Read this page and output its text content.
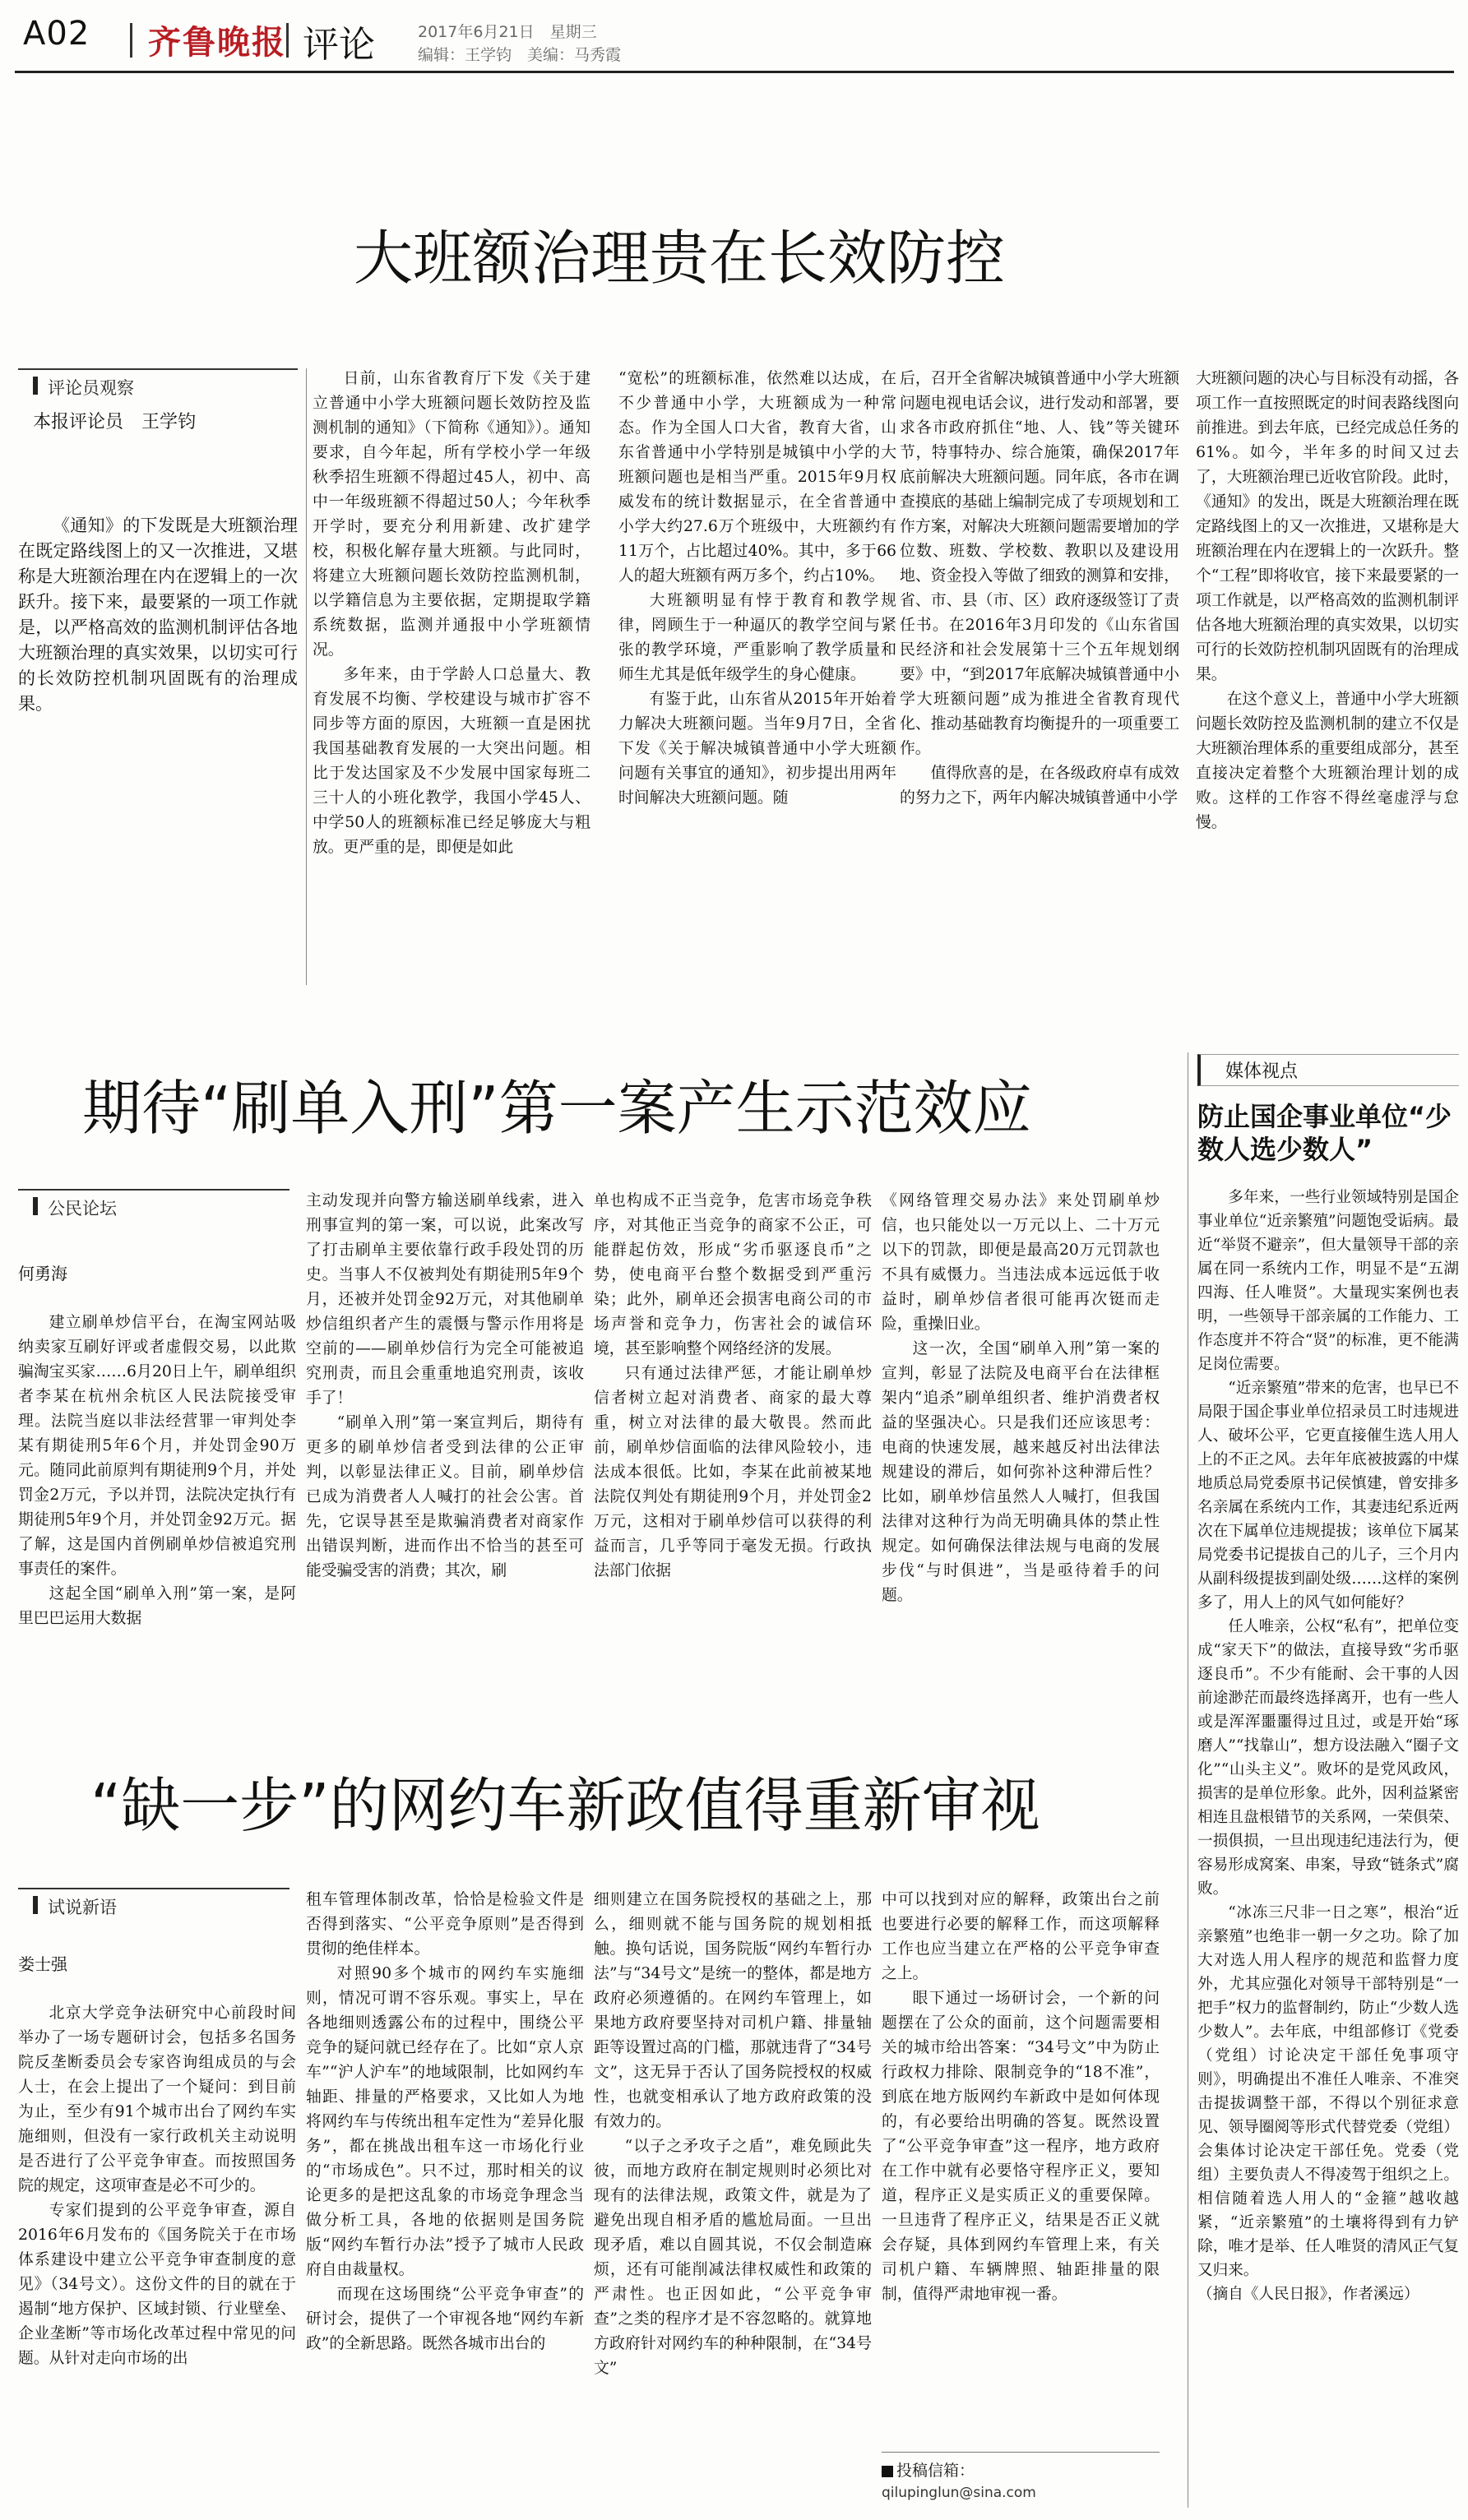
A02 齐鲁晚报 评论	2017年6月21日　星期三
编辑：王学钧　美编：马秀霞
大班额治理贵在长效防控
评论员观察
本报评论员　王学钧

《通知》的下发既是大班额治理在既定路线图上的又一次推进，又堪称是大班额治理在内在逻辑上的一次跃升。接下来，最要紧的一项工作就是，以严格高效的监测机制评估各地大班额治理的真实效果，以切实可行的长效防控机制巩固既有的治理成果。

日前，山东省教育厅下发《关于建立普通中小学大班额问题长效防控及监测机制的通知》（下简称《通知》）。通知要求，自今年起，所有学校小学一年级秋季招生班额不得超过45人，初中、高中一年级班额不得超过50人；今年秋季开学时，要充分利用新建、改扩建学校，积极化解存量大班额。与此同时，将建立大班额问题长效防控监测机制，以学籍信息为主要依据，定期提取学籍系统数据，监测并通报中小学班额情况。

多年来，由于学龄人口总量大、教育发展不均衡、学校建设与城市扩容不同步等方面的原因，大班额一直是困扰我国基础教育发展的一大突出问题。相比于发达国家及不少发展中国家每班二三十人的小班化教学，我国小学45人、中学50人的班额标准已经足够庞大与粗放。更严重的是，即便是如此

“宽松”的班额标准，依然难以达成，在不少普通中小学，大班额成为一种常态。作为全国人口大省，教育大省，山东省普通中小学特别是城镇中小学的大班额问题也是相当严重。2015年9月权威发布的统计数据显示，在全省普通中小学大约27.6万个班级中，大班额约有11万个，占比超过40%。其中，多于66人的超大班额有两万多个，约占10%。

大班额明显有悖于教育和教学规律，罔顾生于一种逼仄的教学空间与紧张的教学环境，严重影响了教学质量和师生尤其是低年级学生的身心健康。

有鉴于此，山东省从2015年开始着力解决大班额问题。当年9月7日，全省下发《关于解决城镇普通中小学大班额问题有关事宜的通知》，初步提出用两年时间解决大班额问题。随

后，召开全省解决城镇普通中小学大班额问题电视电话会议，进行发动和部署，要求各市政府抓住“地、人、钱”等关键环节，特事特办、综合施策，确保2017年底前解决大班额问题。同年底，各市在调查摸底的基础上编制完成了专项规划和工作方案，对解决大班额问题需要增加的学位数、班数、学校数、教职以及建设用地、资金投入等做了细致的测算和安排，省、市、县（市、区）政府逐级签订了责任书。在2016年3月印发的《山东省国民经济和社会发展第十三个五年规划纲要》中，“到2017年底解决城镇普通中小学大班额问题”成为推进全省教育现代化、推动基础教育均衡提升的一项重要工作。

值得欣喜的是，在各级政府卓有成效的努力之下，两年内解决城镇普通中小学

大班额问题的决心与目标没有动摇，各项工作一直按照既定的时间表路线图向前推进。到去年底，已经完成总任务的61%。如今，半年多的时间又过去了，大班额治理已近收官阶段。此时，《通知》的发出，既是大班额治理在既定路线图上的又一次推进，又堪称是大班额治理在内在逻辑上的一次跃升。整个“工程”即将收官，接下来最要紧的一项工作就是，以严格高效的监测机制评估各地大班额治理的真实效果，以切实可行的长效防控机制巩固既有的治理成果。

在这个意义上，普通中小学大班额问题长效防控及监测机制的建立不仅是大班额治理体系的重要组成部分，甚至直接决定着整个大班额治理计划的成败。这样的工作容不得丝毫虚浮与怠慢。

媒体视点
防止国企事业单位“少数人选少数人”

多年来，一些行业领域特别是国企事业单位“近亲繁殖”问题饱受诟病。最近“举贤不避亲”，但大量领导干部的亲属在同一系统内工作，明显不是“五湖四海、任人唯贤”。大量现实案例也表明，一些领导干部亲属的工作能力、工作态度并不符合“贤”的标准，更不能满足岗位需要。

“近亲繁殖”带来的危害，也早已不局限于国企事业单位招录员工时违规进人、破坏公平，它更直接催生选人用人上的不正之风。去年年底被披露的中煤地质总局党委原书记侯慎建，曾安排多名亲属在系统内工作，其妻违纪系近两次在下属单位违规提拔；该单位下属某局党委书记提拔自己的儿子，三个月内从副科级提拔到副处级……这样的案例多了，用人上的风气如何能好？

任人唯亲，公权“私有”，把单位变成“家天下”的做法，直接导致“劣币驱逐良币”。不少有能耐、会干事的人因前途渺茫而最终选择离开，也有一些人或是浑浑噩噩得过且过，或是开始“琢磨人”“找靠山”，想方设法融入“圈子文化”“山头主义”。败坏的是党风政风，损害的是单位形象。此外，因利益紧密相连且盘根错节的关系网，一荣俱荣、一损俱损，一旦出现违纪违法行为，便容易形成窝案、串案，导致“链条式”腐败。

“冰冻三尺非一日之寒”，根治“近亲繁殖”也绝非一朝一夕之功。除了加大对选人用人程序的规范和监督力度外，尤其应强化对领导干部特别是“一把手”权力的监督制约，防止“少数人选少数人”。去年底，中组部修订《党委（党组）讨论决定干部任免事项守则》，明确提出不准任人唯亲、不准突击提拔调整干部，不得以个别征求意见、领导圈阅等形式代替党委（党组）会集体讨论决定干部任免。党委（党组）主要负责人不得凌驾于组织之上。相信随着选人用人的“金箍”越收越紧，“近亲繁殖”的土壤将得到有力铲除，唯才是举、任人唯贤的清风正气复又归来。

（摘自《人民日报》，作者溪远）

期待“刷单入刑”第一案产生示范效应
公民论坛

何勇海

建立刷单炒信平台，在淘宝网站吸纳卖家互刷好评或者虚假交易，以此欺骗淘宝买家……6月20日上午，刷单组织者李某在杭州余杭区人民法院接受审理。法院当庭以非法经营罪一审判处李某有期徒刑5年6个月，并处罚金90万元。随同此前原判有期徒刑9个月，并处罚金2万元，予以并罚，法院决定执行有期徒刑5年9个月，并处罚金92万元。据了解，这是国内首例刷单炒信被追究刑事责任的案件。

这起全国“刷单入刑”第一案，是阿里巴巴运用大数据

主动发现并向警方输送刷单线索，进入刑事宣判的第一案，可以说，此案改写了打击刷单主要依靠行政手段处罚的历史。当事人不仅被判处有期徒刑5年9个月，还被并处罚金92万元，对其他刷单炒信组织者产生的震慑与警示作用将是空前的——刷单炒信行为完全可能被追究刑责，而且会重重地追究刑责，该收手了！

“刷单入刑”第一案宣判后，期待有更多的刷单炒信者受到法律的公正审判，以彰显法律正义。目前，刷单炒信已成为消费者人人喊打的社会公害。首先，它误导甚至是欺骗消费者对商家作出错误判断，进而作出不恰当的甚至可能受骗受害的消费；其次，刷

单也构成不正当竞争，危害市场竞争秩序，对其他正当竞争的商家不公正，可能群起仿效，形成“劣币驱逐良币”之势，使电商平台整个数据受到严重污染；此外，刷单还会损害电商公司的市场声誉和竞争力，伤害社会的诚信环境，甚至影响整个网络经济的发展。

只有通过法律严惩，才能让刷单炒信者树立起对消费者、商家的最大尊重，树立对法律的最大敬畏。然而此前，刷单炒信面临的法律风险较小，违法成本很低。比如，李某在此前被某地法院仅判处有期徒刑9个月，并处罚金2万元，这相对于刷单炒信可以获得的利益而言，几乎等同于毫发无损。行政执法部门依据

《网络管理交易办法》来处罚刷单炒信，也只能处以一万元以上、二十万元以下的罚款，即便是最高20万元罚款也不具有威慑力。当违法成本远远低于收益时，刷单炒信者很可能再次铤而走险，重操旧业。

这一次，全国“刷单入刑”第一案的宣判，彰显了法院及电商平台在法律框架内“追杀”刷单组织者、维护消费者权益的坚强决心。只是我们还应该思考：电商的快速发展，越来越反衬出法律法规建设的滞后，如何弥补这种滞后性？比如，刷单炒信虽然人人喊打，但我国法律对这种行为尚无明确具体的禁止性规定。如何确保法律法规与电商的发展步伐“与时俱进”，当是亟待着手的问题。

“缺一步”的网约车新政值得重新审视
试说新语

娄士强

北京大学竞争法研究中心前段时间举办了一场专题研讨会，包括多名国务院反垄断委员会专家咨询组成员的与会人士，在会上提出了一个疑问：到目前为止，至少有91个城市出台了网约车实施细则，但没有一家行政机关主动说明是否进行了公平竞争审查。而按照国务院的规定，这项审查是必不可少的。

专家们提到的公平竞争审查，源自2016年6月发布的《国务院关于在市场体系建设中建立公平竞争审查制度的意见》（34号文）。这份文件的目的就在于遏制“地方保护、区域封锁、行业壁垒、企业垄断”等市场化改革过程中常见的问题。从针对走向市场的出

租车管理体制改革，恰恰是检验文件是否得到落实、“公平竞争原则”是否得到贯彻的绝佳样本。

对照90多个城市的网约车实施细则，情况可谓不容乐观。事实上，早在各地细则透露公布的过程中，围绕公平竞争的疑问就已经存在了。比如“京人京车”“沪人沪车”的地域限制，比如网约车轴距、排量的严格要求，又比如人为地将网约车与传统出租车定性为“差异化服务”，都在挑战出租车这一市场化行业的“市场成色”。只不过，那时相关的议论更多的是把这乱象的市场竞争理念当做分析工具，各地的依据则是国务院版“网约车暂行办法”授予了城市人民政府自由裁量权。

而现在这场围绕“公平竞争审查”的研讨会，提供了一个审视各地“网约车新政”的全新思路。既然各城市出台的

细则建立在国务院授权的基础之上，那么，细则就不能与国务院的规划相抵触。换句话说，国务院版“网约车暂行办法”与“34号文”是统一的整体，都是地方政府必须遵循的。在网约车管理上，如果地方政府要坚持对司机户籍、排量轴距等设置过高的门槛，那就违背了“34号文”，这无异于否认了国务院授权的权威性，也就变相承认了地方政府政策的没有效力的。

“以子之矛攻子之盾”，难免顾此失彼，而地方政府在制定规则时必须比对现有的法律法规，政策文件，就是为了避免出现自相矛盾的尴尬局面。一旦出现矛盾，难以自圆其说，不仅会制造麻烦，还有可能削减法律权威性和政策的严肃性。也正因如此，“公平竞争审查”之类的程序才是不容忽略的。就算地方政府针对网约车的种种限制，在“34号文”

中可以找到对应的解释，政策出台之前也要进行必要的解释工作，而这项解释工作也应当建立在严格的公平竞争审查之上。

眼下通过一场研讨会，一个新的问题摆在了公众的面前，这个问题需要相关的城市给出答案：“34号文”中为防止行政权力排除、限制竞争的“18不准”，到底在地方版网约车新政中是如何体现的，有必要给出明确的答复。既然设置了“公平竞争审查”这一程序，地方政府在工作中就有必要恪守程序正义，要知道，程序正义是实质正义的重要保障。一旦违背了程序正义，结果是否正义就会存疑，具体到网约车管理上来，有关司机户籍、车辆牌照、轴距排量的限制，值得严肃地审视一番。

投稿信箱：
qilupinglun@sina.com
